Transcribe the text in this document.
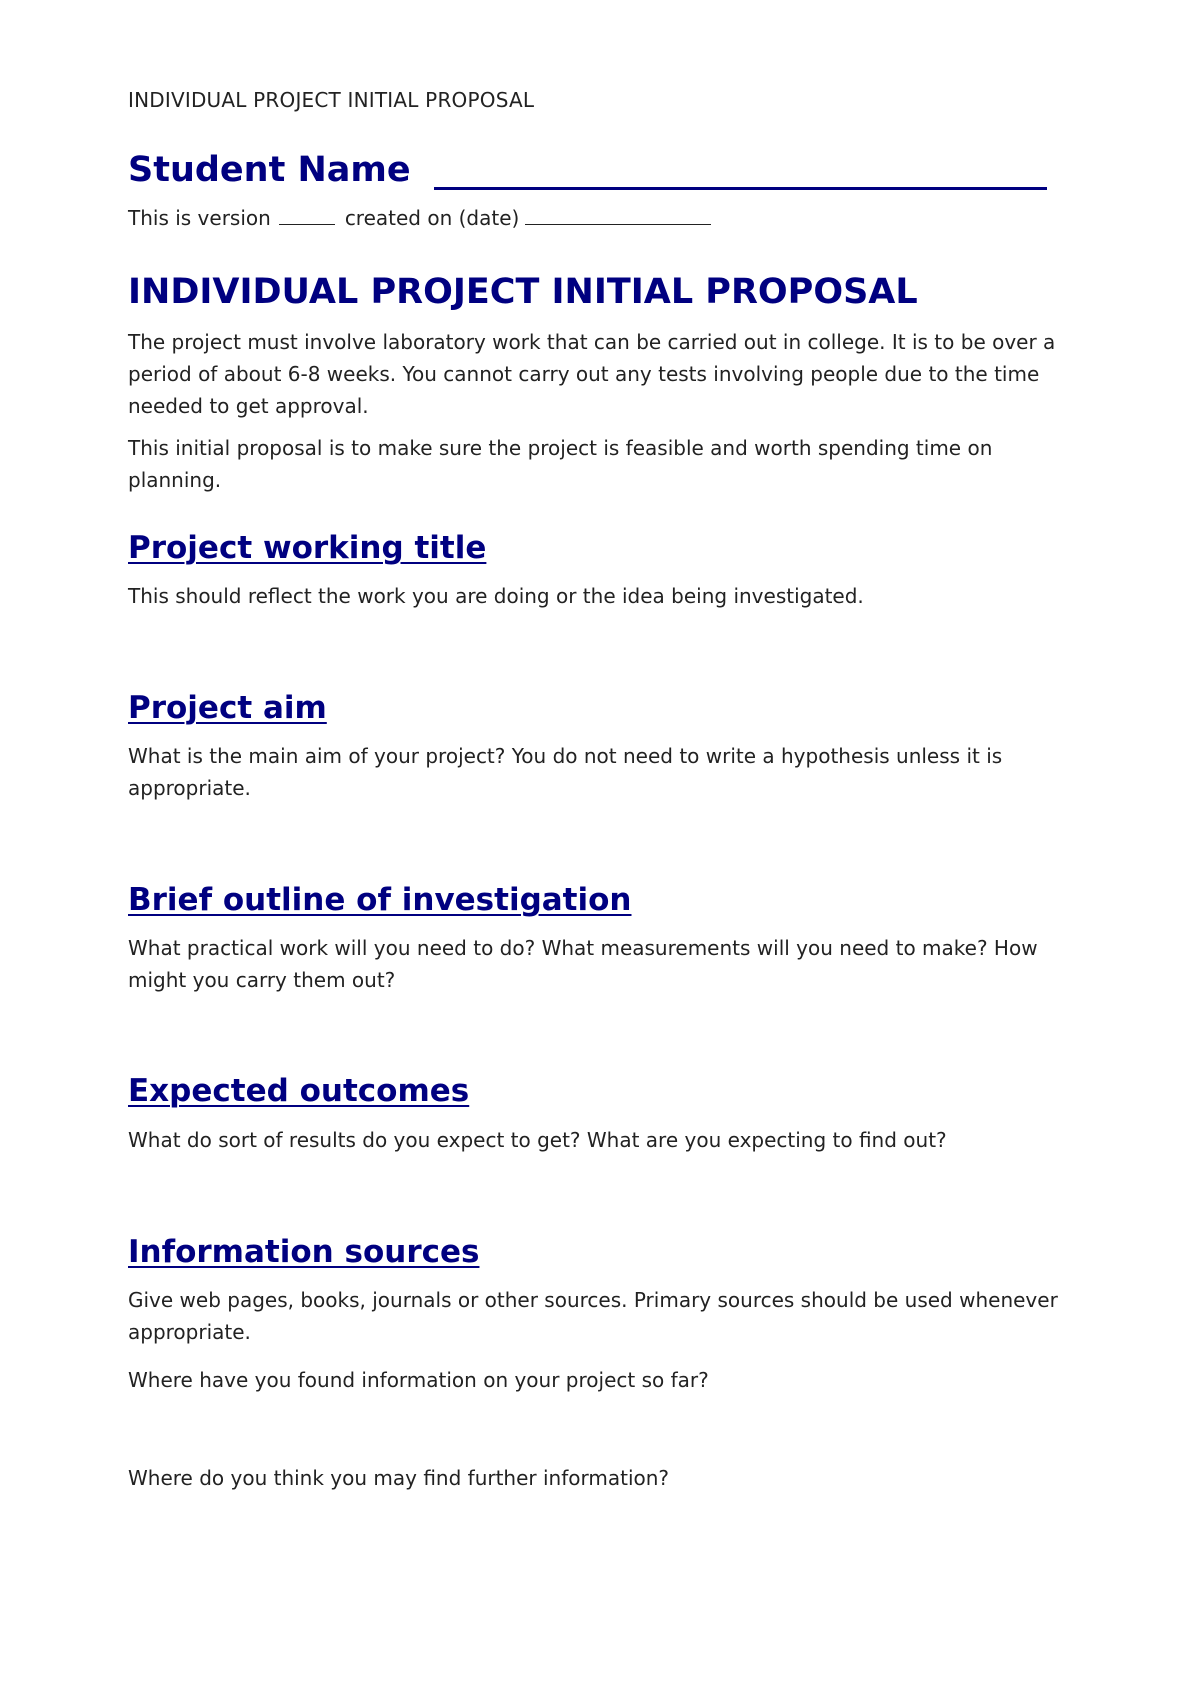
INDIVIDUAL PROJECT INITIAL PROPOSAL
Student Name
This is version	created on (date)
INDIVIDUAL PROJECT INITIAL PROPOSAL
The project must involve laboratory work that can be carried out in college. It is to be over a period of about 6-8 weeks. You cannot carry out any tests involving people due to the time needed to get approval.
This initial proposal is to make sure the project is feasible and worth spending time on planning.
Project working title
This should reflect the work you are doing or the idea being investigated.
Project aim
What is the main aim of your project? You do not need to write a hypothesis unless it is appropriate.
Brief outline of investigation
What practical work will you need to do? What measurements will you need to make? How might you carry them out?
Expected outcomes
What do sort of results do you expect to get? What are you expecting to find out?
Information sources
Give web pages, books, journals or other sources. Primary sources should be used whenever appropriate.
Where have you found information on your project so far?
Where do you think you may find further information?
